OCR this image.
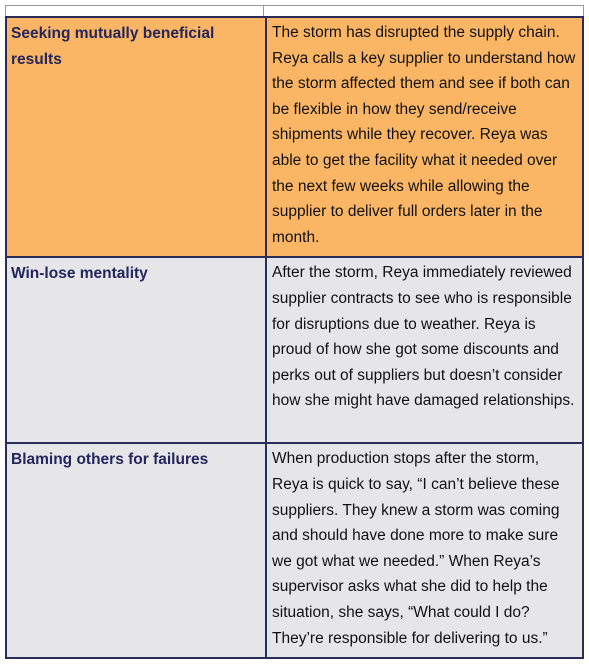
Seeking mutually beneficial results	The storm has disrupted the supply chain. Reya calls a key supplier to understand how the storm affected them and see if both can be flexible in how they send/receive shipments while they recover. Reya was able to get the facility what it needed over the next few weeks while allowing the supplier to deliver full orders later in the month.

Win-lose mentality	After the storm, Reya immediately reviewed supplier contracts to see who is responsible for disruptions due to weather. Reya is proud of how she got some discounts and perks out of suppliers but doesn’t consider how she might have damaged relationships.

Blaming others for failures	When production stops after the storm, Reya is quick to say, “I can’t believe these suppliers. They knew a storm was coming and should have done more to make sure we got what we needed.” When Reya’s supervisor asks what she did to help the situation, she says, “What could I do? They’re responsible for delivering to us.”
